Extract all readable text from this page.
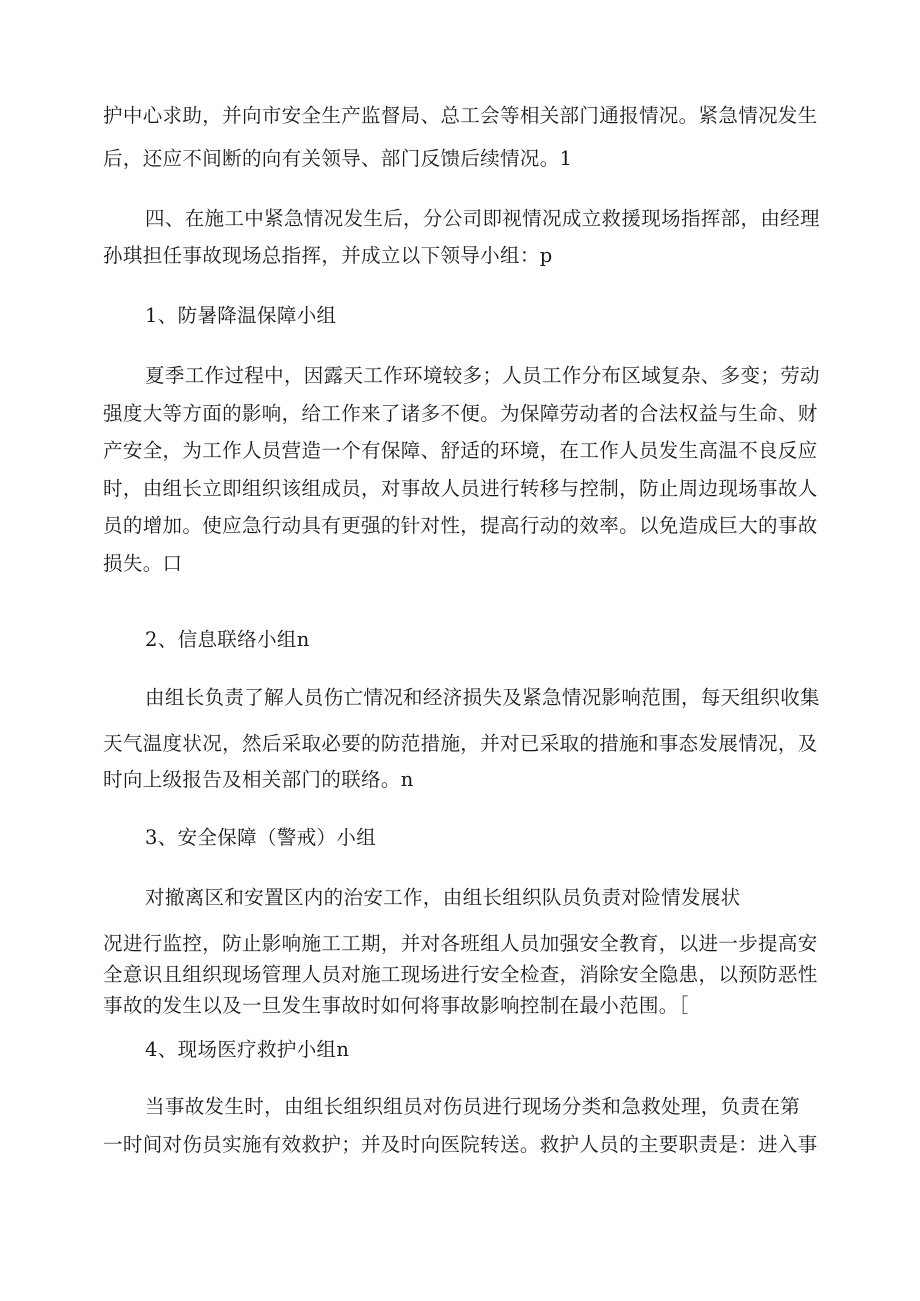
护中心求助，并向市安全生产监督局、总工会等相关部门通报情况。紧急情况发生
后，还应不间断的向有关领导、部门反馈后续情况。1
四、在施工中紧急情况发生后，分公司即视情况成立救援现场指挥部，由经理
孙琪担任事故现场总指挥，并成立以下领导小组：p
1、防暑降温保障小组
夏季工作过程中，因露天工作环境较多；人员工作分布区域复杂、多变；劳动
强度大等方面的影响，给工作来了诸多不便。为保障劳动者的合法权益与生命、财
产安全，为工作人员营造一个有保障、舒适的环境，在工作人员发生高温不良反应
时，由组长立即组织该组成员，对事故人员进行转移与控制，防止周边现场事故人
员的增加。使应急行动具有更强的针对性，提高行动的效率。以免造成巨大的事故
损失。口
2、信息联络小组n
由组长负责了解人员伤亡情况和经济损失及紧急情况影响范围，每天组织收集
天气温度状况，然后采取必要的防范措施，并对已采取的措施和事态发展情况，及
时向上级报告及相关部门的联络。n
3、安全保障（警戒）小组
对撤离区和安置区内的治安工作，由组长组织队员负责对险情发展状
况进行监控，防止影响施工工期，并对各班组人员加强安全教育，以进一步提高安
全意识且组织现场管理人员对施工现场进行安全检查，消除安全隐患，以预防恶性
事故的发生以及一旦发生事故时如何将事故影响控制在最小范围。［
4、现场医疗救护小组n
当事故发生时，由组长组织组员对伤员进行现场分类和急救处理，负责在第
一时间对伤员实施有效救护；并及时向医院转送。救护人员的主要职责是：进入事
